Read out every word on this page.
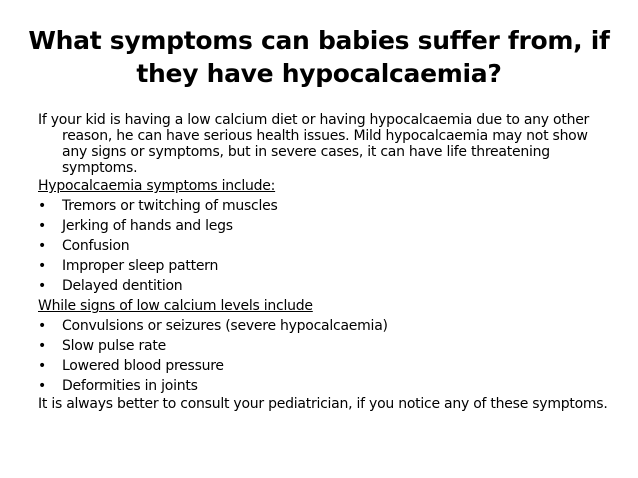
What symptoms can babies suffer from, if
they have hypocalcaemia?

If your kid is having a low calcium diet or having hypocalcaemia due to any other reason, he can have serious health issues. Mild hypocalcaemia may not show any signs or symptoms, but in severe cases, it can have life threatening symptoms.

Hypocalcaemia symptoms include:

•	Tremors or twitching of muscles
•	Jerking of hands and legs
•	Confusion
•	Improper sleep pattern
•	Delayed dentition

While signs of low calcium levels include

•	Convulsions or seizures (severe hypocalcaemia)
•	Slow pulse rate
•	Lowered blood pressure
•	Deformities in joints

It is always better to consult your pediatrician, if you notice any of these symptoms.
